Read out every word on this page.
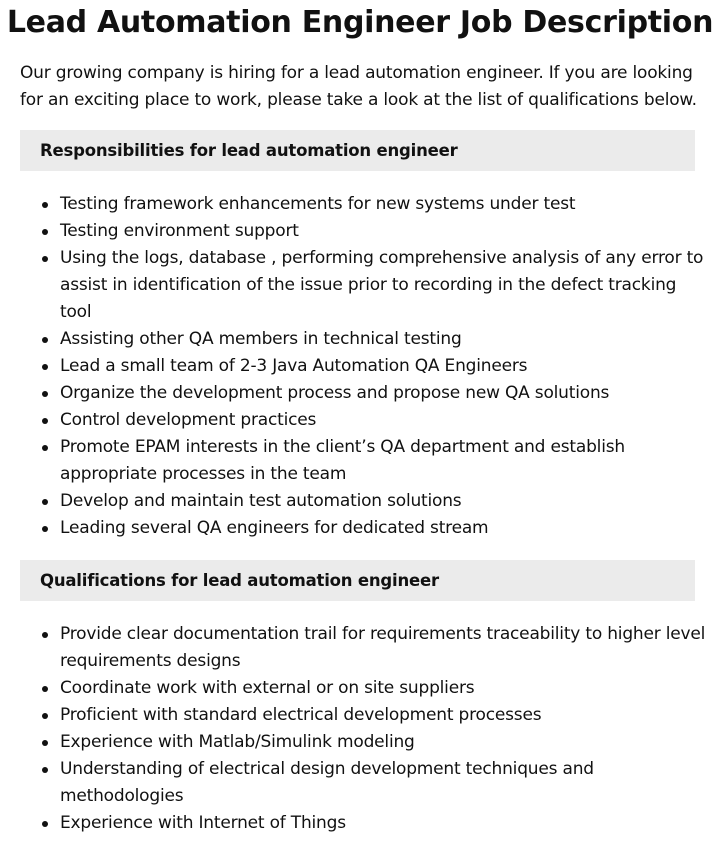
Lead Automation Engineer Job Description

Our growing company is hiring for a lead automation engineer. If you are looking for an exciting place to work, please take a look at the list of qualifications below.

Responsibilities for lead automation engineer
Testing framework enhancements for new systems under test
Testing environment support
Using the logs, database , performing comprehensive analysis of any error to assist in identification of the issue prior to recording in the defect tracking tool
Assisting other QA members in technical testing
Lead a small team of 2-3 Java Automation QA Engineers
Organize the development process and propose new QA solutions
Control development practices
Promote EPAM interests in the client’s QA department and establish appropriate processes in the team
Develop and maintain test automation solutions
Leading several QA engineers for dedicated stream
Qualifications for lead automation engineer
Provide clear documentation trail for requirements traceability to higher level requirements designs
Coordinate work with external or on site suppliers
Proficient with standard electrical development processes
Experience with Matlab/Simulink modeling
Understanding of electrical design development techniques and methodologies
Experience with Internet of Things
